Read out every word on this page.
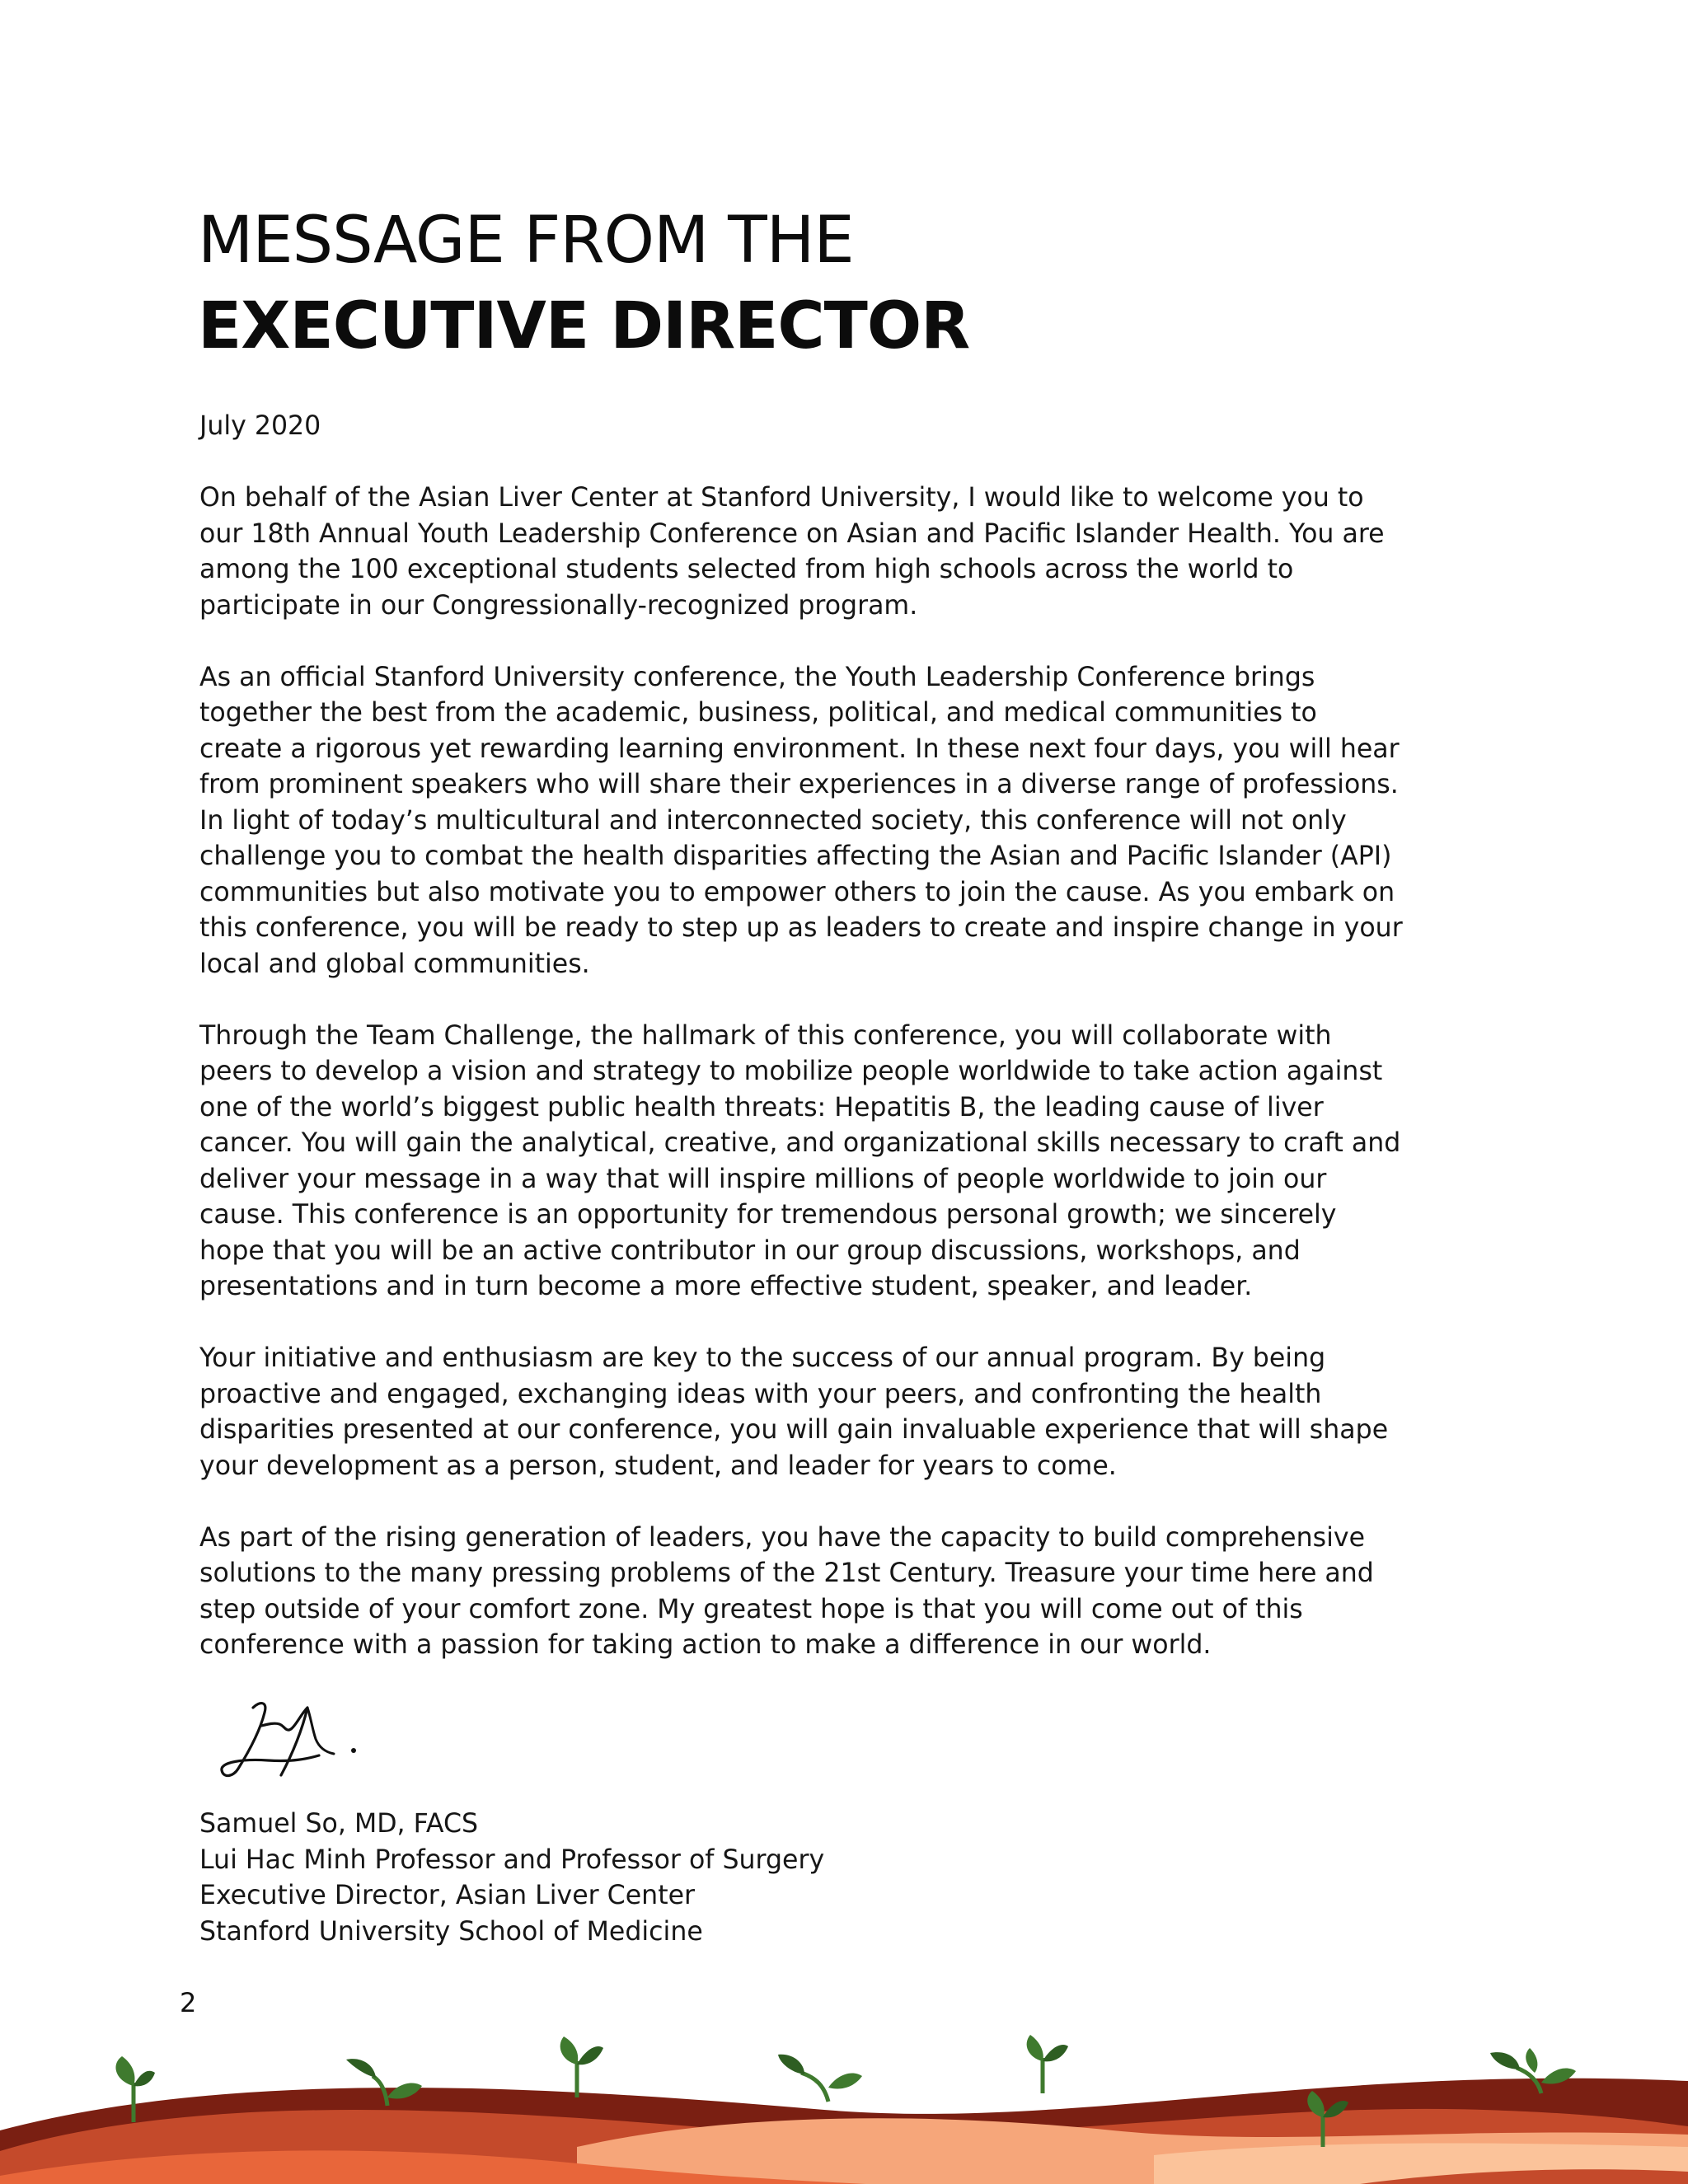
MESSAGE FROM THE
EXECUTIVE DIRECTOR
July 2020

On behalf of the Asian Liver Center at Stanford University, I would like to welcome you to our 18th Annual Youth Leadership Conference on Asian and Pacific Islander Health. You are among the 100 exceptional students selected from high schools across the world to participate in our Congressionally-recognized program.

As an official Stanford University conference, the Youth Leadership Conference brings together the best from the academic, business, political, and medical communities to create a rigorous yet rewarding learning environment. In these next four days, you will hear from prominent speakers who will share their experiences in a diverse range of professions. In light of today’s multicultural and interconnected society, this conference will not only challenge you to combat the health disparities affecting the Asian and Pacific Islander (API) communities but also motivate you to empower others to join the cause. As you embark on this conference, you will be ready to step up as leaders to create and inspire change in your local and global communities.

Through the Team Challenge, the hallmark of this conference, you will collaborate with peers to develop a vision and strategy to mobilize people worldwide to take action against one of the world’s biggest public health threats: Hepatitis B, the leading cause of liver cancer. You will gain the analytical, creative, and organizational skills necessary to craft and deliver your message in a way that will inspire millions of people worldwide to join our cause. This conference is an opportunity for tremendous personal growth; we sincerely hope that you will be an active contributor in our group discussions, workshops, and presentations and in turn become a more effective student, speaker, and leader.

Your initiative and enthusiasm are key to the success of our annual program. By being proactive and engaged, exchanging ideas with your peers, and confronting the health disparities presented at our conference, you will gain invaluable experience that will shape your development as a person, student, and leader for years to come.

As part of the rising generation of leaders, you have the capacity to build comprehensive solutions to the many pressing problems of the 21st Century. Treasure your time here and step outside of your comfort zone. My greatest hope is that you will come out of this conference with a passion for taking action to make a difference in our world.

Samuel So, MD, FACS
Lui Hac Minh Professor and Professor of Surgery
Executive Director, Asian Liver Center
Stanford University School of Medicine
2
